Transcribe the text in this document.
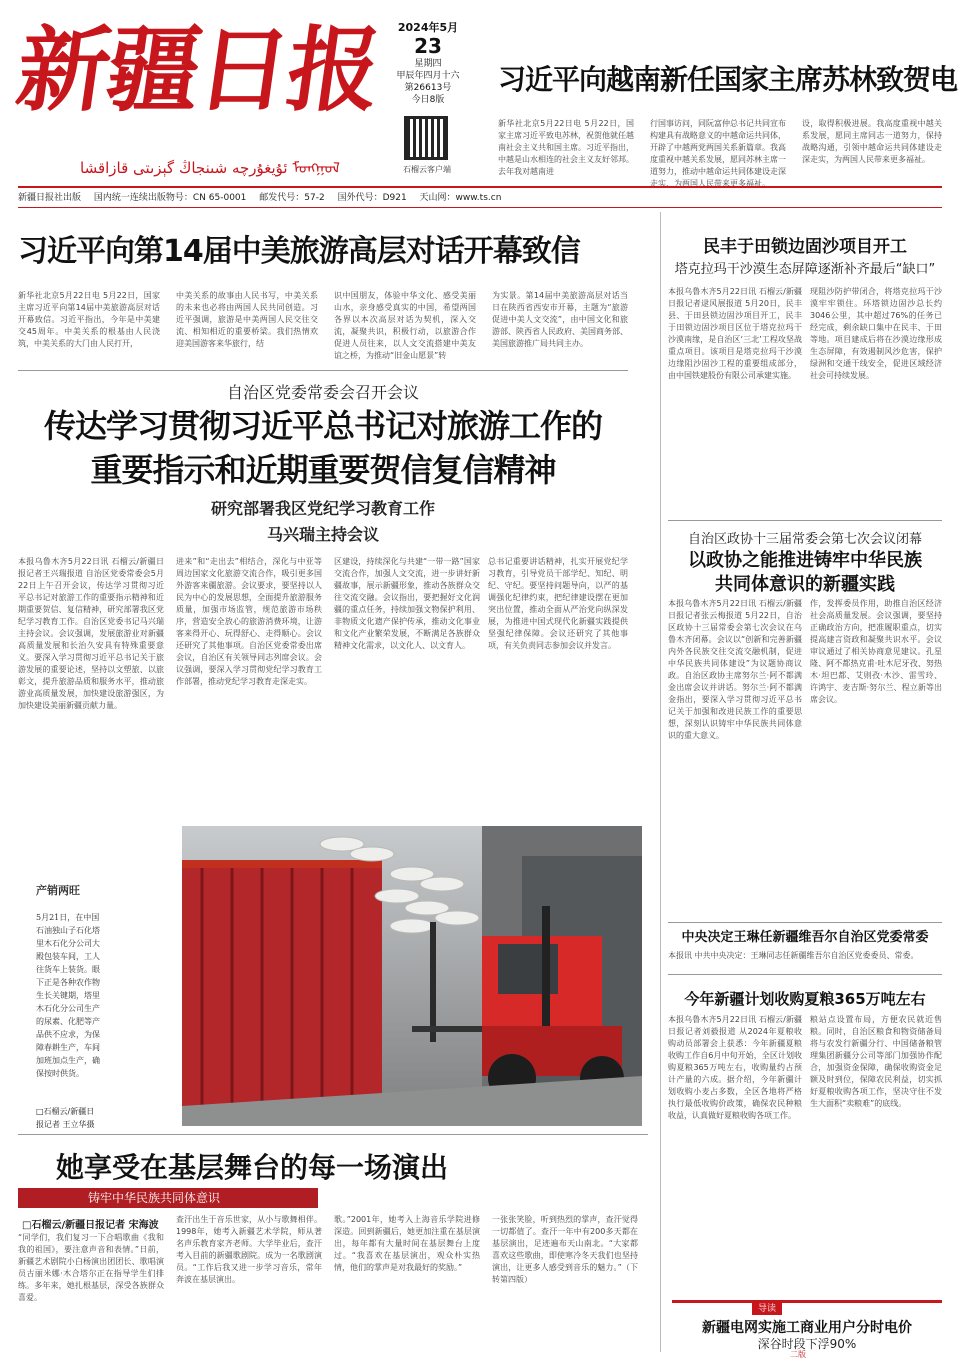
新疆日报
ئۇيغۇرچە شىنجاڭ گېزىتى قازاقشا ᠮᠣᠩᠭᠣᠯ
2024年5月
23
星期四
甲辰年四月十六
第26613号
今日8版
石榴云客户端
习近平向越南新任国家主席苏林致贺电
新华社北京5月22日电 5月22日，国家主席习近平致电苏林，祝贺他就任越南社会主义共和国主席。习近平指出，中越是山水相连的社会主义友好邻邦。去年我对越南进
行国事访问，同阮富仲总书记共同宣布构建具有战略意义的中越命运共同体，开辟了中越两党两国关系新篇章。我高度重视中越关系发展，愿同苏林主席一道努力，推动中越命运共同体建设走深走实，为两国人民带来更多福祉。
设，取得积极进展。我高度重视中越关系发展，愿同主席同志一道努力，保持战略沟通，引领中越命运共同体建设走深走实，为两国人民带来更多福祉。
新疆日报社出版 国内统一连续出版物号：CN 65-0001 邮发代号：57-2 国外代号：D921 天山网：www.ts.cn
习近平向第14届中美旅游高层对话开幕致信
新华社北京5月22日电 5月22日，国家主席习近平向第14届中美旅游高层对话开幕致信。习近平指出，今年是中美建交45周年。中美关系的根基由人民浇筑，中美关系的大门由人民打开，
中美关系的故事由人民书写，中美关系的未来也必将由两国人民共同创造。习近平强调，旅游是中美两国人民交往交流、相知相近的重要桥梁。我们热情欢迎美国游客来华旅行，结
识中国朋友，体验中华文化、感受美丽山水，亲身感受真实的中国，希望两国各界以本次高层对话为契机，深入交流，凝聚共识，积极行动，以旅游合作促进人员往来，以人文交流搭建中美友谊之桥，为推动“旧金山愿景”转
为实景。第14届中美旅游高层对话当日在陕西省西安市开幕，主题为“旅游促进中美人文交流”，由中国文化和旅游部、陕西省人民政府、美国商务部、美国旅游推广局共同主办。
自治区党委常委会召开会议
传达学习贯彻习近平总书记对旅游工作的
重要指示和近期重要贺信复信精神
研究部署我区党纪学习教育工作
马兴瑞主持会议
本报乌鲁木齐5月22日讯 石榴云/新疆日报记者王兴瑞报道 自治区党委常委会5月22日上午召开会议，传达学习贯彻习近平总书记对旅游工作的重要指示精神和近期重要贺信、复信精神，研究部署我区党纪学习教育工作。自治区党委书记马兴瑞主持会议。会议强调，发展旅游业对新疆高质量发展和长治久安具有特殊重要意义。要深入学习贯彻习近平总书记关于旅游发展的重要论述，坚持以文塑旅、以旅彰文，提升旅游品质和服务水平，推动旅游业高质量发展，加快建设旅游强区，为加快建设美丽新疆贡献力量。
进来”和“走出去”相结合，深化与中亚等周边国家文化旅游交流合作，吸引更多国外游客来疆旅游。会议要求，要坚持以人民为中心的发展思想，全面提升旅游服务质量，加强市场监管，规范旅游市场秩序，营造安全放心的旅游消费环境，让游客来得开心、玩得舒心、走得顺心。会议还研究了其他事项。自治区党委常委出席会议，自治区有关领导同志列席会议。会议强调，要深入学习贯彻党纪学习教育工作部署，推动党纪学习教育走深走实。
区建设，持续深化与共建“一带一路”国家交流合作，加强人文交流，进一步讲好新疆故事，展示新疆形象，推动各族群众交往交流交融。会议指出，要把握好文化润疆的重点任务，持续加强文物保护利用、非物质文化遗产保护传承，推动文化事业和文化产业繁荣发展，不断满足各族群众精神文化需求，以文化人、以文育人。
总书记重要讲话精神，扎实开展党纪学习教育，引导党员干部学纪、知纪、明纪、守纪。要坚持问题导向，以严的基调强化纪律约束，把纪律建设摆在更加突出位置，推动全面从严治党向纵深发展，为推进中国式现代化新疆实践提供坚强纪律保障。会议还研究了其他事项，有关负责同志参加会议并发言。
产销两旺
5月21日，在中国石油独山子石化塔里木石化分公司大殿包装车间，工人往货车上装货。眼下正是各种农作物生长关键期，塔里木石化分公司生产的尿素、化肥等产品供不应求，为保障春耕生产，车间加班加点生产，确保按时供货。
□石榴云/新疆日报记者 王立华摄
她享受在基层舞台的每一场演出
铸牢中华民族共同体意识
□石榴云/新疆日报记者 宋海波
“同学们，我们复习一下合唱歌曲《我和我的祖国》，要注意声音和表情。”日前，新疆艺术剧院小白杨演出团团长、歌唱演员古丽米娜·木合塔尔正在指导学生们排练。多年来，她扎根基层，深受各族群众喜爱。
查汗出生于音乐世家，从小与歌舞相伴。1998年，她考入新疆艺术学院，师从著名声乐教育家齐老师。大学毕业后，查汗考入目前的新疆歌剧院。成为一名歌剧演员。“工作后我又进一步学习音乐，常年奔波在基层演出。
歌。”2001年，她考入上海音乐学院进修深造。回到新疆后，她更加注重在基层演出，每年都有大量时间在基层舞台上度过。“我喜欢在基层演出，观众朴实热情，他们的掌声是对我最好的奖励。”
一张张笑脸，听到热烈的掌声，查汗觉得一切都值了。查汗一年中有200多天都在基层演出，足迹遍布天山南北。“大家都喜欢这些歌曲，即使寒冷冬天我们也坚持演出，让更多人感受到音乐的魅力。”（下转第四版）
民丰于田锁边固沙项目开工
塔克拉玛干沙漠生态屏障逐渐补齐最后“缺口”
本报乌鲁木齐5月22日讯 石榴云/新疆日报记者逯风展报道 5月20日，民丰县、于田县锁边固沙项目开工，民丰于田锁边固沙项目区位于塔克拉玛干沙漠南缘，是自治区‘三北’工程攻坚战重点项目。该项目是塔克拉玛干沙漠边缘阻沙固沙工程的重要组成部分，由中国铁建股份有限公司承建实施。
现阻沙防护带闭合，将塔克拉玛干沙漠牢牢锁住。环塔锁边固沙总长约3046公里，其中超过76%的任务已经完成，剩余缺口集中在民丰、于田等地。项目建成后将在沙漠边缘形成生态屏障，有效遏制风沙危害，保护绿洲和交通干线安全，促进区域经济社会可持续发展。
自治区政协十三届常委会第七次会议闭幕
以政协之能推进铸牢中华民族
共同体意识的新疆实践
本报乌鲁木齐5月22日讯 石榴云/新疆日报记者张云梅报道 5月22日，自治区政协十三届常委会第七次会议在乌鲁木齐闭幕。会议以“创新和完善新疆内外各民族交往交流交融机制，促进中华民族共同体建设”为议题协商议政。自治区政协主席努尔兰·阿不都满金出席会议并讲话。努尔兰·阿不都满金指出，要深入学习贯彻习近平总书记关于加强和改进民族工作的重要思想，深刻认识铸牢中华民族共同体意识的重大意义。
作，发挥委员作用，助推自治区经济社会高质量发展。会议强调，要坚持正确政治方向，把准履职重点，切实提高建言资政和凝聚共识水平。会议审议通过了相关协商意见建议。孔星隆、阿不都热克甫·吐木尼牙孜、努热木·坦巴都、艾则孜·木沙、雷雪玲、许鸿宇、麦吉斯·努尔兰、程立新等出席会议。
中央决定王琳任新疆维吾尔自治区党委常委
本报讯 中共中央决定：王琳同志任新疆维吾尔自治区党委委员、常委。
今年新疆计划收购夏粮365万吨左右
本报乌鲁木齐5月22日讯 石榴云/新疆日报记者刘毅报道 从2024年夏粮收购动员部署会上获悉：今年新疆夏粮收购工作自6月中旬开始，全区计划收购夏粮365万吨左右，收购量约占预计产量的六成。据介绍，今年新疆计划收购小麦占多数，全区各地将严格执行最低收购价政策，确保农民种粮收益，认真做好夏粮收购各项工作。
粮站点设置布局，方便农民就近售粮。同时，自治区粮食和物资储备局将与农发行新疆分行、中国储备粮管理集团新疆分公司等部门加强协作配合，加强资金保障，确保收购资金足额及时到位，保障农民利益，切实抓好夏粮收购各项工作，坚决守住不发生大面积“卖粮难”的底线。
导读
新疆电网实施工商业用户分时电价
深谷时段下浮90%
二版
